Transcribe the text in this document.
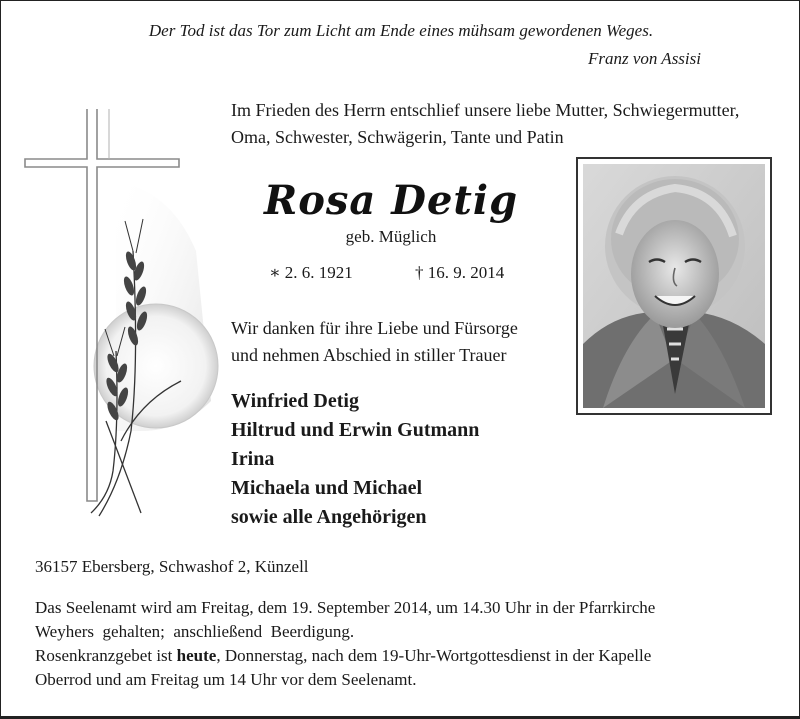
Der Tod ist das Tor zum Licht am Ende eines mühsam gewordenen Weges.
Franz von Assisi
Im Frieden des Herrn entschlief unsere liebe Mutter, Schwiegermutter,
Oma, Schwester, Schwägerin, Tante und Patin
Rosa Detig
geb. Müglich
∗ 2. 6. 1921	† 16. 9. 2014
Wir danken für ihre Liebe und Fürsorge
und nehmen Abschied in stiller Trauer
Winfried Detig
Hiltrud und Erwin Gutmann
Irina
Michaela und Michael
sowie alle Angehörigen
36157 Ebersberg, Schwashof 2, Künzell
Das Seelenamt wird am Freitag, dem 19. September 2014, um 14.30 Uhr in der Pfarrkirche
Weyhers  gehalten;  anschließend  Beerdigung.
Rosenkranzgebet ist heute, Donnerstag, nach dem 19-Uhr-Wortgottesdienst in der Kapelle
Oberrod und am Freitag um 14 Uhr vor dem Seelenamt.
